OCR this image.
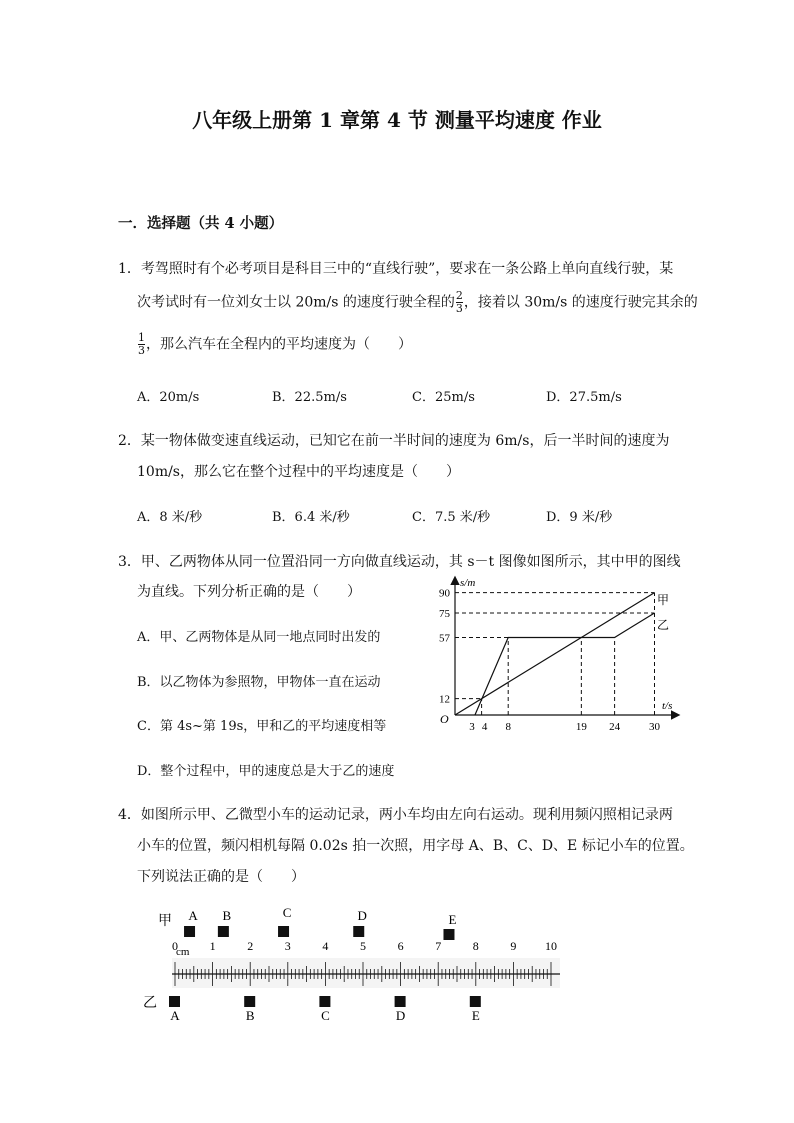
八年级上册第 1 章第 4 节 测量平均速度 作业
一．选择题（共 4 小题）
1．考驾照时有个必考项目是科目三中的“直线行驶”，要求在一条公路上单向直线行驶，某
次考试时有一位刘女士以 20m/s 的速度行驶全程的 $\frac{2}{3}$ ，接着以 30m/s 的速度行驶完其余的
$\frac{1}{3}$ ，那么汽车在全程内的平均速度为（　　）
A．20m/s	B．22.5m/s	C．25m/s	D．27.5m/s
2．某一物体做变速直线运动，已知它在前一半时间的速度为 6m/s，后一半时间的速度为
10m/s，那么它在整个过程中的平均速度是（　　）
A．8 米/秒	B．6.4 米/秒	C．7.5 米/秒	D．9 米/秒
3．甲、乙两物体从同一位置沿同一方向做直线运动，其 s－t 图像如图所示，其中甲的图线
为直线。下列分析正确的是（　　）
A．甲、乙两物体是从同一地点同时出发的
B．以乙物体为参照物，甲物体一直在运动
C．第 4s~第 19s，甲和乙的平均速度相等
D．整个过程中，甲的速度总是大于乙的速度
90
75
57
12
3 4 8	19 24	30
s/m
t/s
O
甲
乙
4．如图所示甲、乙微型小车的运动记录，两小车均由左向右运动。现利用频闪照相记录两
小车的位置，频闪相机每隔 0.02s 拍一次照，用字母 A、B、C、D、E 标记小车的位置。
下列说法正确的是（　　）
甲
乙
cm
0	1	2	3	4	5	6	7	8	9 10
A B	C	D	E
A	B	C	D	E
